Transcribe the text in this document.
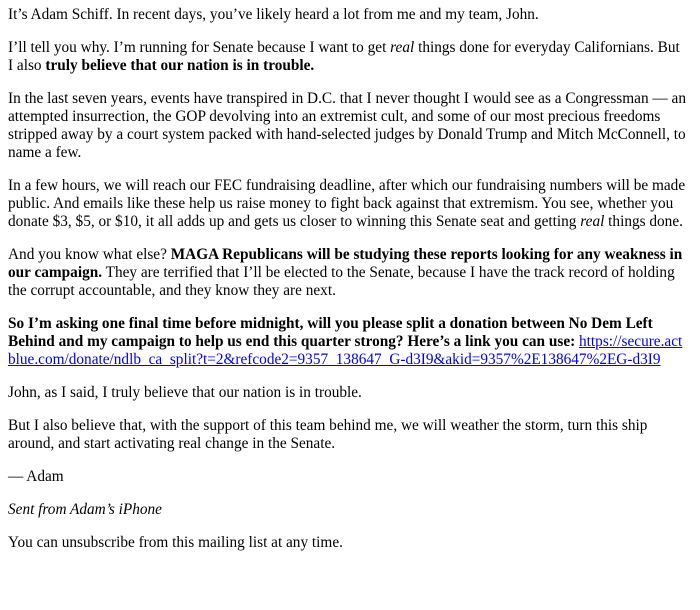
It’s Adam Schiff. In recent days, you’ve likely heard a lot from me and my team, John.

I’ll tell you why. I’m running for Senate because I want to get real things done for everyday Californians. But I also truly believe that our nation is in trouble.

In the last seven years, events have transpired in D.C. that I never thought I would see as a Congressman — an attempted insurrection, the GOP devolving into an extremist cult, and some of our most precious freedoms stripped away by a court system packed with hand-selected judges by Donald Trump and Mitch McConnell, to name a few.

In a few hours, we will reach our FEC fundraising deadline, after which our fundraising numbers will be made public. And emails like these help us raise money to fight back against that extremism. You see, whether you donate $3, $5, or $10, it all adds up and gets us closer to winning this Senate seat and getting real things done.

And you know what else? MAGA Republicans will be studying these reports looking for any weakness in our campaign. They are terrified that I’ll be elected to the Senate, because I have the track record of holding the corrupt accountable, and they know they are next.

So I’m asking one final time before midnight, will you please split a donation between No Dem Left Behind and my campaign to help us end this quarter strong? Here’s a link you can use: https://secure.actblue.com/donate/ndlb_ca_split?t=2&refcode2=9357_138647_G-d3I9&akid=9357%2E138647%2EG-d3I9

John, as I said, I truly believe that our nation is in trouble.

But I also believe that, with the support of this team behind me, we will weather the storm, turn this ship around, and start activating real change in the Senate.

— Adam

Sent from Adam’s iPhone

You can unsubscribe from this mailing list at any time.
